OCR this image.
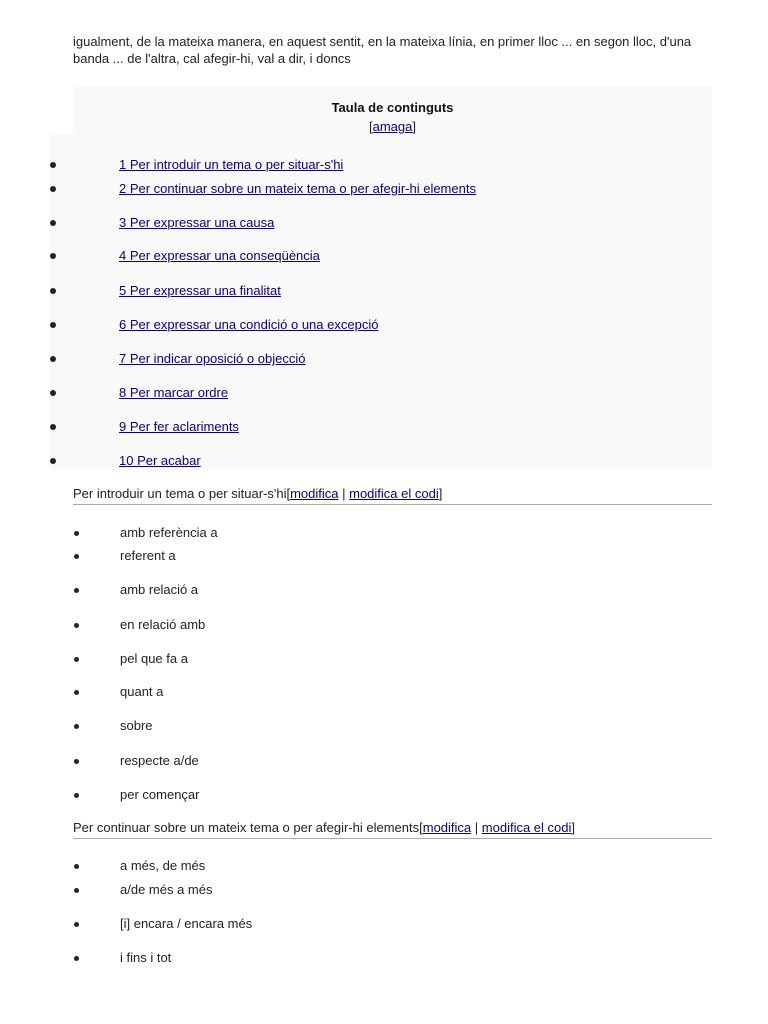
igualment, de la mateixa manera, en aquest sentit, en la mateixa línia, en primer lloc ... en segon lloc, d'una banda ... de l'altra, cal afegir-hi, val a dir, i doncs
Taula de continguts
[amaga]
1 Per introduir un tema o per situar-s'hi
2 Per continuar sobre un mateix tema o per afegir-hi elements
3 Per expressar una causa
4 Per expressar una conseqüència
5 Per expressar una finalitat
6 Per expressar una condició o una excepció
7 Per indicar oposició o objecció
8 Per marcar ordre
9 Per fer aclariments
10 Per acabar
Per introduir un tema o per situar-s'hi[modifica | modifica el codi]
amb referència a
referent a
amb relació a
en relació amb
pel que fa a
quant a
sobre
respecte a/de
per començar
Per continuar sobre un mateix tema o per afegir-hi elements[modifica | modifica el codi]
a més, de més
a/de més a més
[i] encara / encara més
i fins i tot
